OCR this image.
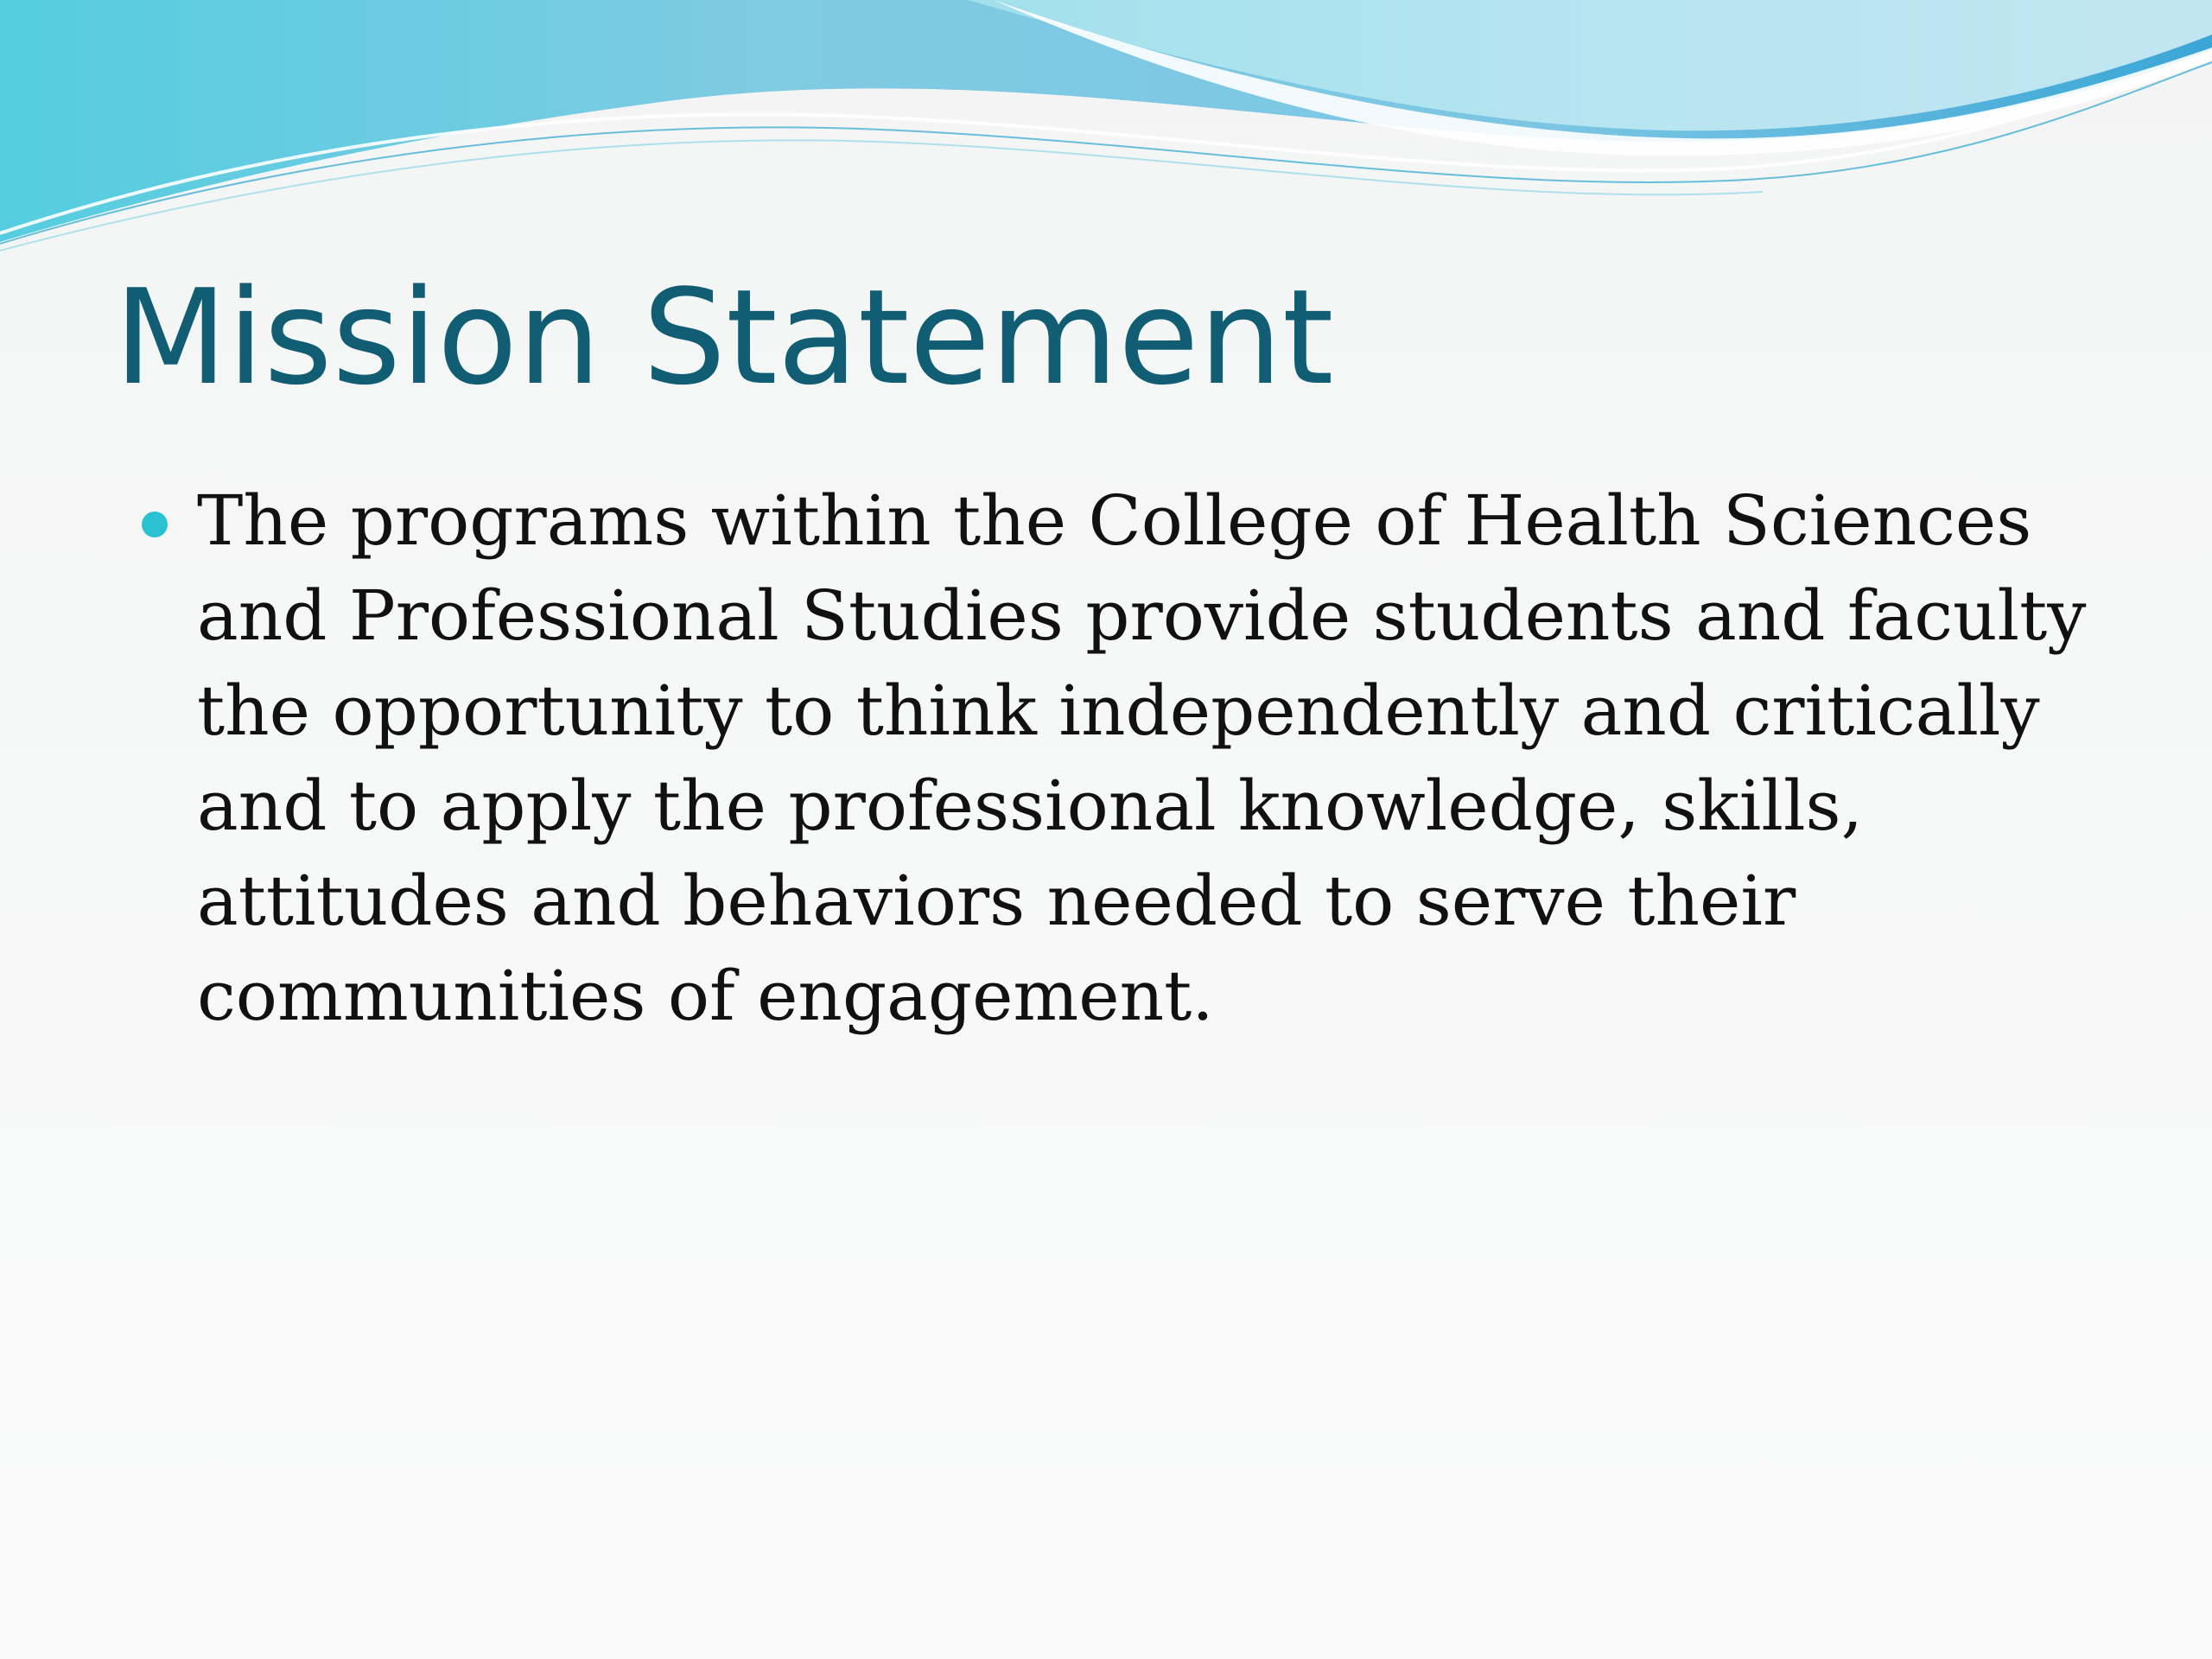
Mission Statement
The programs within the College of Health Sciences and Professional Studies provide students and faculty the opportunity to think independently and critically and to apply the professional knowledge, skills, attitudes and behaviors needed to serve their communities of engagement.
